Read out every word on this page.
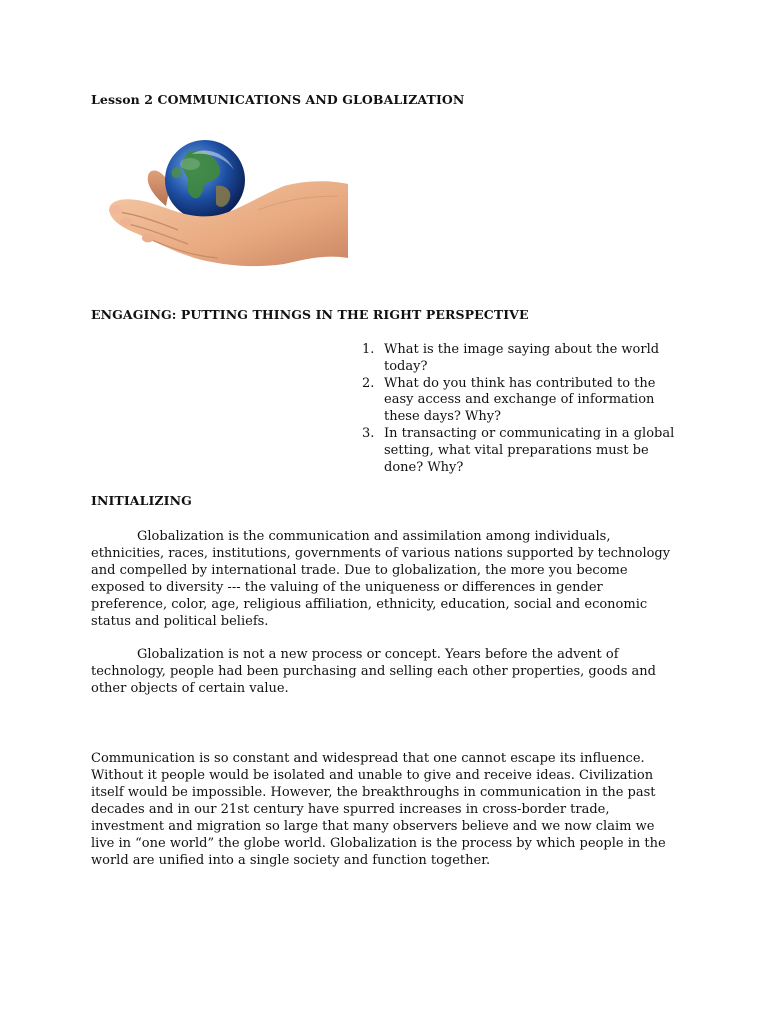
Lesson 2 COMMUNICATIONS AND GLOBALIZATION
ENGAGING: PUTTING THINGS IN THE RIGHT PERSPECTIVE
1. What is the image saying about the world today?
2. What do you think has contributed to the easy access and exchange of information these days? Why?
3. In transacting or communicating in a global setting, what vital preparations must be done? Why?
INITIALIZING

Globalization is the communication and assimilation among individuals, ethnicities, races, institutions, governments of various nations supported by technology and compelled by international trade. Due to globalization, the more you become exposed to diversity --- the valuing of the uniqueness or differences in gender preference, color, age, religious affiliation, ethnicity, education, social and economic status and political beliefs.

Globalization is not a new process or concept. Years before the advent of technology, people had been purchasing and selling each other properties, goods and other objects of certain value.

Communication is so constant and widespread that one cannot escape its influence. Without it people would be isolated and unable to give and receive ideas. Civilization itself would be impossible. However, the breakthroughs in communication in the past decades and in our 21st century have spurred increases in cross-border trade, investment and migration so large that many observers believe and we now claim we live in “one world” the globe world. Globalization is the process by which people in the world are unified into a single society and function together.
